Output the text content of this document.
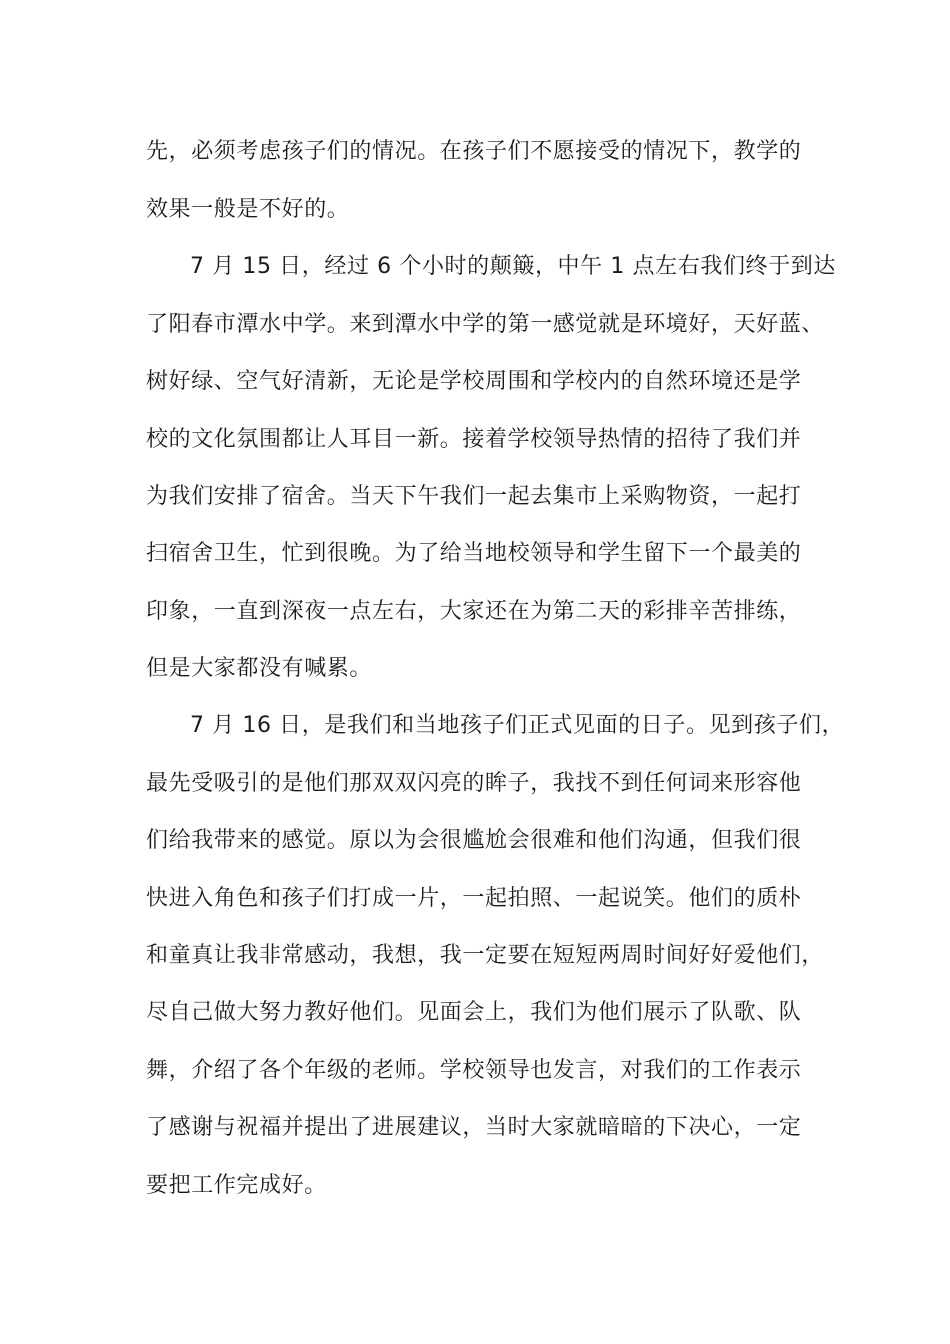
先，必须考虑孩子们的情况。在孩子们不愿接受的情况下，教学的
效果一般是不好的。
7 月 15 日，经过 6 个小时的颠簸，中午 1 点左右我们终于到达
了阳春市潭水中学。来到潭水中学的第一感觉就是环境好，天好蓝、
树好绿、空气好清新，无论是学校周围和学校内的自然环境还是学
校的文化氛围都让人耳目一新。接着学校领导热情的招待了我们并
为我们安排了宿舍。当天下午我们一起去集市上采购物资，一起打
扫宿舍卫生，忙到很晚。为了给当地校领导和学生留下一个最美的
印象，一直到深夜一点左右，大家还在为第二天的彩排辛苦排练，
但是大家都没有喊累。
7 月 16 日，是我们和当地孩子们正式见面的日子。见到孩子们，
最先受吸引的是他们那双双闪亮的眸子，我找不到任何词来形容他
们给我带来的感觉。原以为会很尴尬会很难和他们沟通，但我们很
快进入角色和孩子们打成一片，一起拍照、一起说笑。他们的质朴
和童真让我非常感动，我想，我一定要在短短两周时间好好爱他们，
尽自己做大努力教好他们。见面会上，我们为他们展示了队歌、队
舞，介绍了各个年级的老师。学校领导也发言，对我们的工作表示
了感谢与祝福并提出了进展建议，当时大家就暗暗的下决心，一定
要把工作完成好。
